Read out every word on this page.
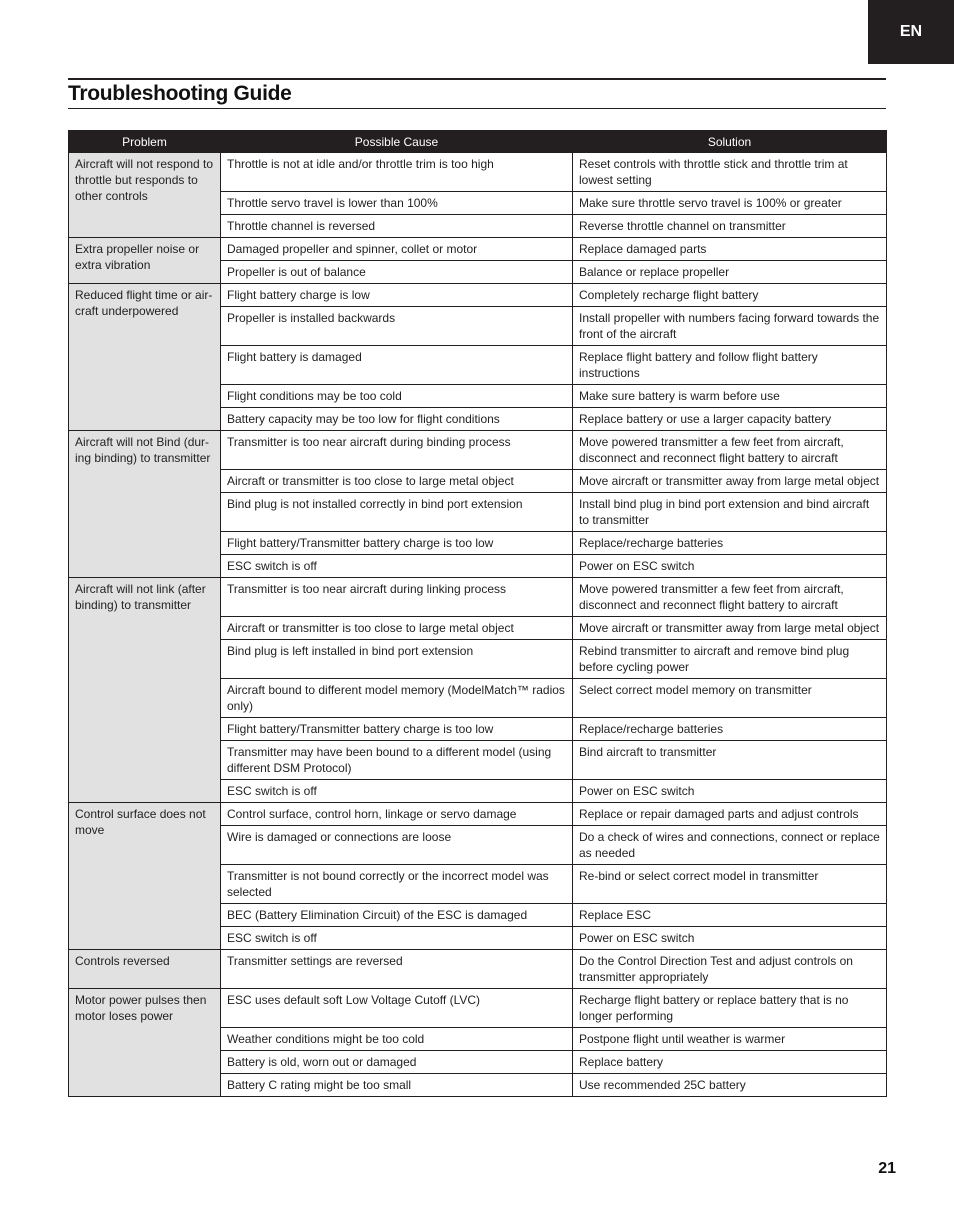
EN
Troubleshooting Guide
Problem	Possible Cause	Solution
Aircraft will not respond to throttle but responds to other controls	Throttle is not at idle and/or throttle trim is too high	Reset controls with throttle stick and throttle trim at lowest setting
	Throttle servo travel is lower than 100%	Make sure throttle servo travel is 100% or greater
	Throttle channel is reversed	Reverse throttle channel on transmitter
Extra propeller noise or extra vibration	Damaged propeller and spinner, collet or motor	Replace damaged parts
	Propeller is out of balance	Balance or replace propeller
Reduced flight time or air-craft underpowered	Flight battery charge is low	Completely recharge flight battery
	Propeller is installed backwards	Install propeller with numbers facing forward towards the front of the aircraft
	Flight battery is damaged	Replace flight battery and follow flight battery instructions
	Flight conditions may be too cold	Make sure battery is warm before use
	Battery capacity may be too low for flight conditions	Replace battery or use a larger capacity battery
Aircraft will not Bind (dur-ing binding) to transmitter	Transmitter is too near aircraft during binding process	Move powered transmitter a few feet from aircraft, disconnect and reconnect flight battery to aircraft
	Aircraft or transmitter is too close to large metal object	Move aircraft or transmitter away from large metal object
	Bind plug is not installed correctly in bind port extension	Install bind plug in bind port extension and bind aircraft to transmitter
	Flight battery/Transmitter battery charge is too low	Replace/recharge batteries
	ESC switch is off	Power on ESC switch
Aircraft will not link (after binding) to transmitter	Transmitter is too near aircraft during linking process	Move powered transmitter a few feet from aircraft, disconnect and reconnect flight battery to aircraft
	Aircraft or transmitter is too close to large metal object	Move aircraft or transmitter away from large metal object
	Bind plug is left installed in bind port extension	Rebind transmitter to aircraft and remove bind plug before cycling power
	Aircraft bound to different model memory (ModelMatch™ radios only)	Select correct model memory on transmitter
	Flight battery/Transmitter battery charge is too low	Replace/recharge batteries
	Transmitter may have been bound to a different model (using different DSM Protocol)	Bind aircraft to transmitter
	ESC switch is off	Power on ESC switch
Control surface does not move	Control surface, control horn, linkage or servo damage	Replace or repair damaged parts and adjust controls
	Wire is damaged or connections are loose	Do a check of wires and connections, connect or replace as needed
	Transmitter is not bound correctly or the incorrect model was selected	Re-bind or select correct model in transmitter
	BEC (Battery Elimination Circuit) of the ESC is damaged	Replace ESC
	ESC switch is off	Power on ESC switch
Controls reversed	Transmitter settings are reversed	Do the Control Direction Test and adjust controls on transmitter appropriately
Motor power pulses then motor loses power	ESC uses default soft Low Voltage Cutoff (LVC)	Recharge flight battery or replace battery that is no longer performing
	Weather conditions might be too cold	Postpone flight until weather is warmer
	Battery is old, worn out or damaged	Replace battery
	Battery C rating might be too small	Use recommended 25C battery
21
